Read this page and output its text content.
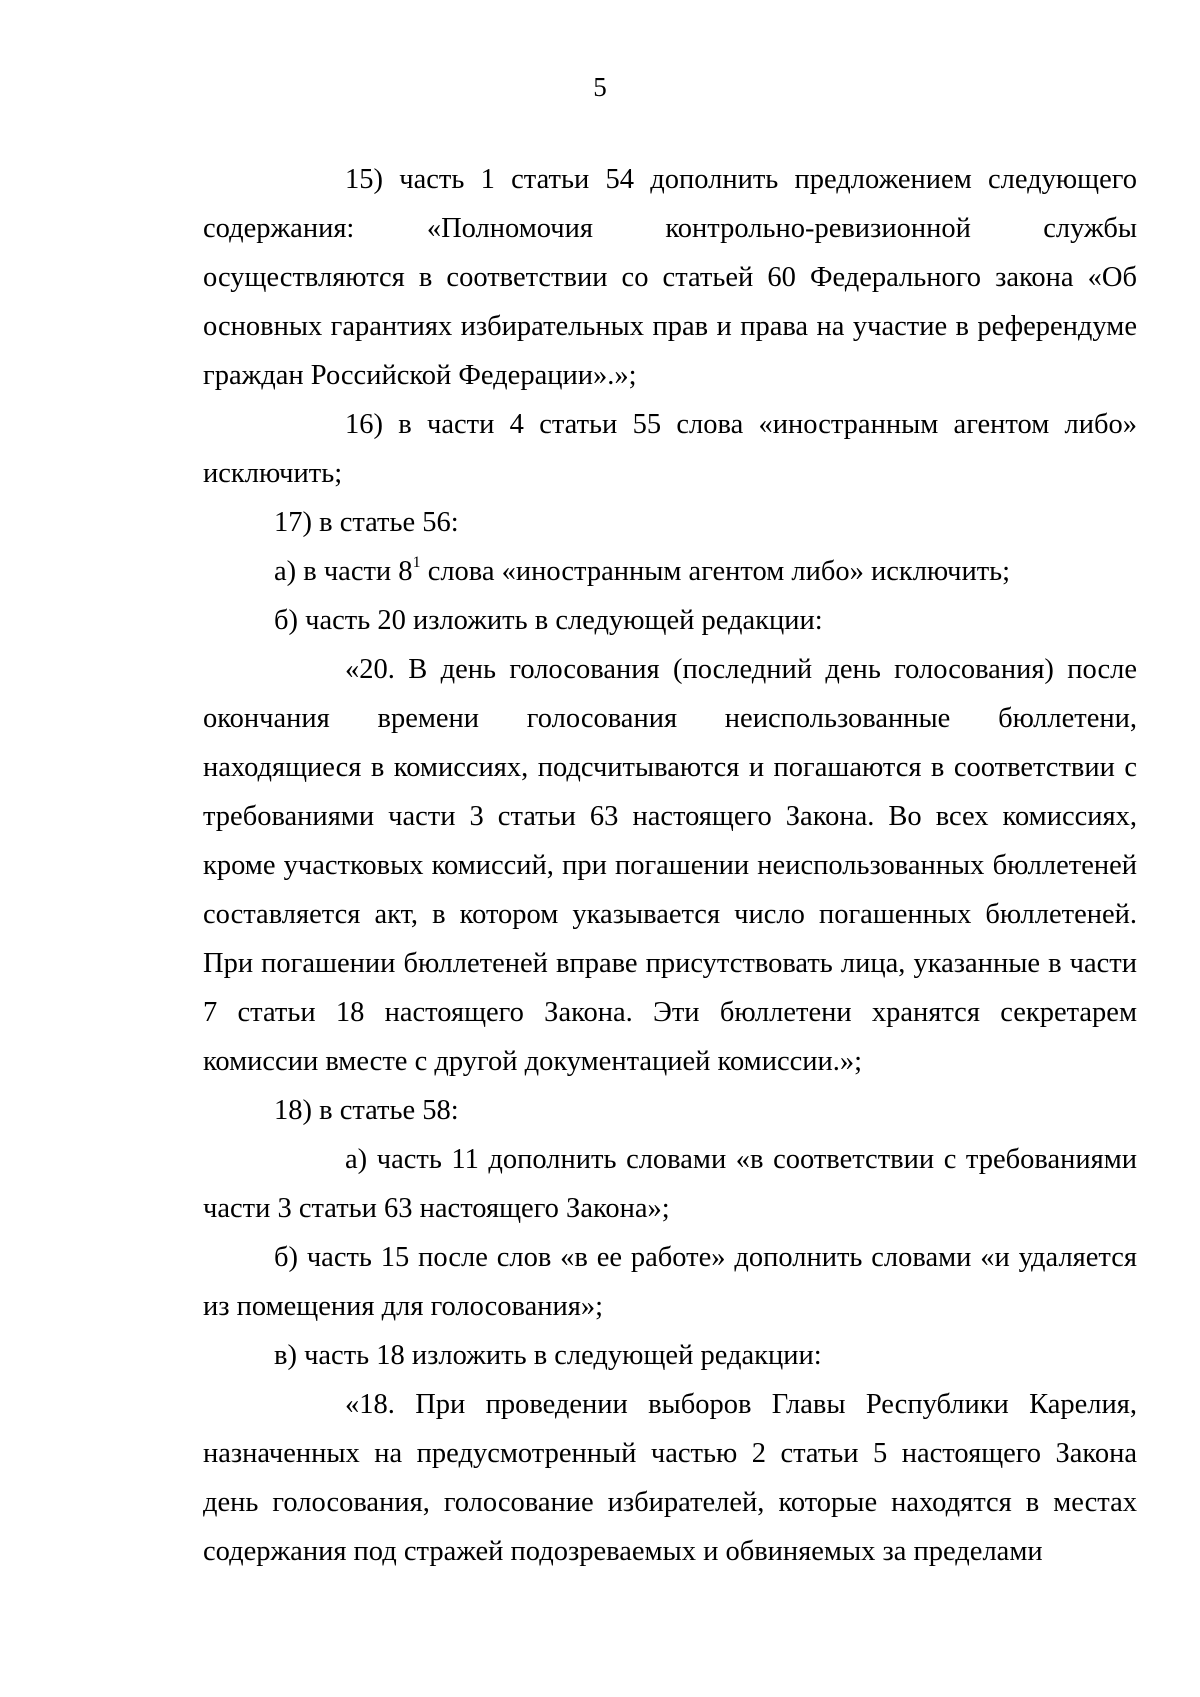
5

15) часть 1 статьи 54 дополнить предложением следующего содержания: «Полномочия контрольно-ревизионной службы осуществляются в соответствии со статьей 60 Федерального закона «Об основных гарантиях избирательных прав и права на участие в референдуме граждан Российской Федерации».»;

16) в части 4 статьи 55 слова «иностранным агентом либо» исключить;

17) в статье 56:

а) в части $8^1$ слова «иностранным агентом либо» исключить;

б) часть 20 изложить в следующей редакции:

«20. В день голосования (последний день голосования) после окончания времени голосования неиспользованные бюллетени, находящиеся в комиссиях, подсчитываются и погашаются в соответствии с требованиями части 3 статьи 63 настоящего Закона. Во всех комиссиях, кроме участковых комиссий, при погашении неиспользованных бюллетеней составляется акт, в котором указывается число погашенных бюллетеней. При погашении бюллетеней вправе присутствовать лица, указанные в части 7 статьи 18 настоящего Закона. Эти бюллетени хранятся секретарем комиссии вместе с другой документацией комиссии.»;

18) в статье 58:

а) часть 11 дополнить словами «в соответствии с требованиями части 3 статьи 63 настоящего Закона»;

б) часть 15 после слов «в ее работе» дополнить словами «и удаляется из помещения для голосования»;

в) часть 18 изложить в следующей редакции:

«18. При проведении выборов Главы Республики Карелия, назначенных на предусмотренный частью 2 статьи 5 настоящего Закона день голосования, голосование избирателей, которые находятся в местах содержания под стражей подозреваемых и обвиняемых за пределами
